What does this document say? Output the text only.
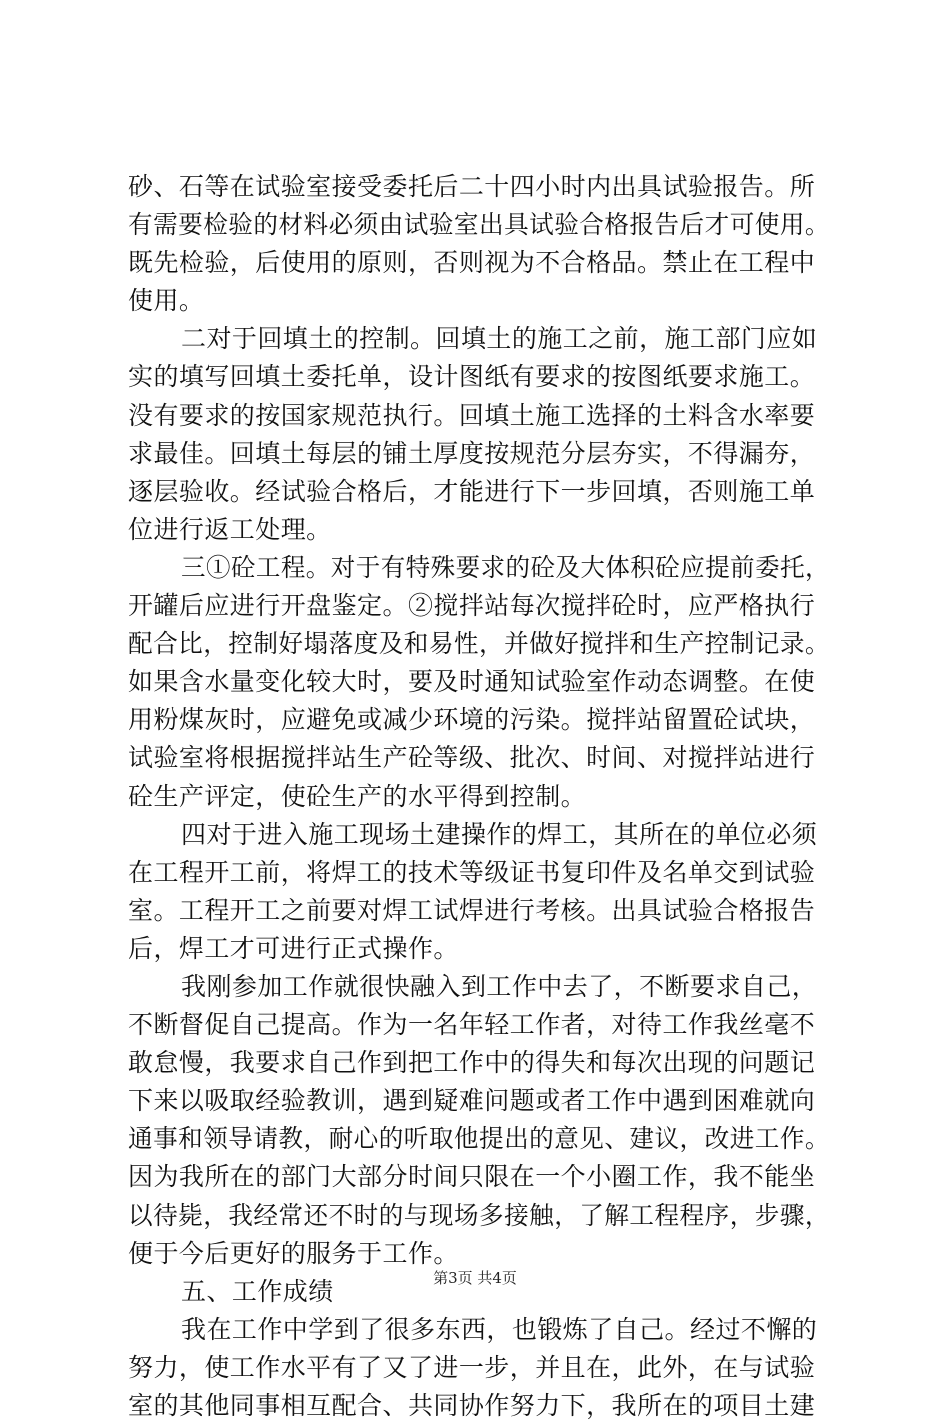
砂、石等在试验室接受委托后二十四小时内出具试验报告。所
有需要检验的材料必须由试验室出具试验合格报告后才可使用。
既先检验，后使用的原则，否则视为不合格品。禁止在工程中
使用。
二对于回填土的控制。回填土的施工之前，施工部门应如
实的填写回填土委托单，设计图纸有要求的按图纸要求施工。
没有要求的按国家规范执行。回填土施工选择的土料含水率要
求最佳。回填土每层的铺土厚度按规范分层夯实，不得漏夯，
逐层验收。经试验合格后，才能进行下一步回填，否则施工单
位进行返工处理。
三①砼工程。对于有特殊要求的砼及大体积砼应提前委托，
开罐后应进行开盘鉴定。②搅拌站每次搅拌砼时，应严格执行
配合比，控制好塌落度及和易性，并做好搅拌和生产控制记录。
如果含水量变化较大时，要及时通知试验室作动态调整。在使
用粉煤灰时，应避免或减少环境的污染。搅拌站留置砼试块，
试验室将根据搅拌站生产砼等级、批次、时间、对搅拌站进行
砼生产评定，使砼生产的水平得到控制。
四对于进入施工现场土建操作的焊工，其所在的单位必须
在工程开工前，将焊工的技术等级证书复印件及名单交到试验
室。工程开工之前要对焊工试焊进行考核。出具试验合格报告
后，焊工才可进行正式操作。
我刚参加工作就很快融入到工作中去了，不断要求自己，
不断督促自己提高。作为一名年轻工作者，对待工作我丝毫不
敢怠慢，我要求自己作到把工作中的得失和每次出现的问题记
下来以吸取经验教训，遇到疑难问题或者工作中遇到困难就向
通事和领导请教，耐心的听取他提出的意见、建议，改进工作。
因为我所在的部门大部分时间只限在一个小圈工作，我不能坐
以待毙，我经常还不时的与现场多接触，了解工程程序，步骤，
便于今后更好的服务于工作。
五、工作成绩
我在工作中学到了很多东西，也锻炼了自己。经过不懈的
努力，使工作水平有了又了进一步，并且在，此外，在与试验
室的其他同事相互配合、共同协作努力下，我所在的项目土建
第3页 共4页
